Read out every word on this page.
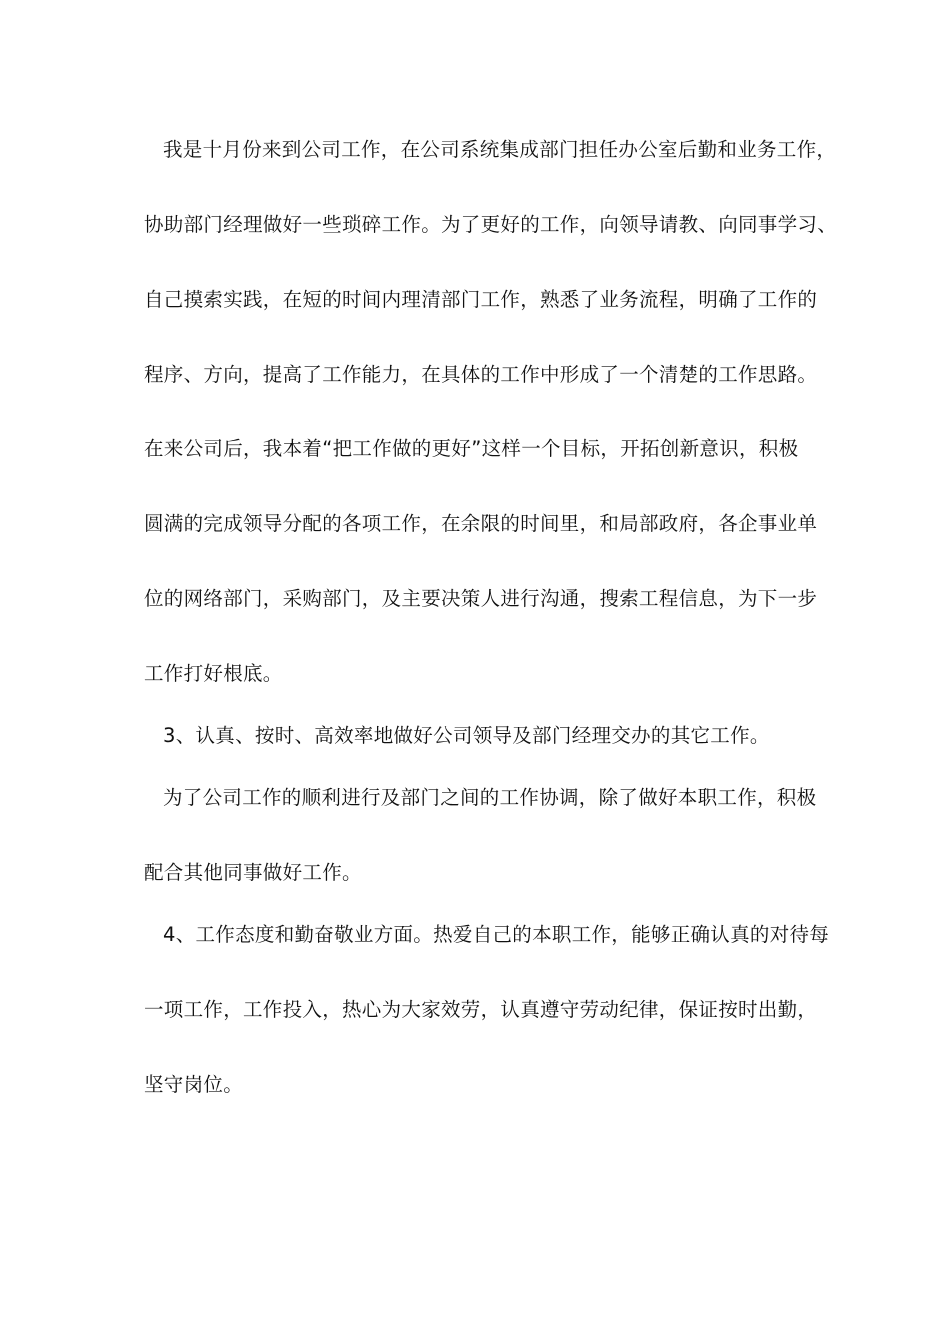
我是十月份来到公司工作，在公司系统集成部门担任办公室后勤和业务工作，
协助部门经理做好一些琐碎工作。为了更好的工作，向领导请教、向同事学习、
自己摸索实践，在短的时间内理清部门工作，熟悉了业务流程，明确了工作的
程序、方向，提高了工作能力，在具体的工作中形成了一个清楚的工作思路。
在来公司后，我本着“把工作做的更好”这样一个目标，开拓创新意识，积极
圆满的完成领导分配的各项工作，在余限的时间里，和局部政府，各企事业单
位的网络部门，采购部门，及主要决策人进行沟通，搜索工程信息，为下一步
工作打好根底。
3、认真、按时、高效率地做好公司领导及部门经理交办的其它工作。
为了公司工作的顺利进行及部门之间的工作协调，除了做好本职工作，积极
配合其他同事做好工作。
4、工作态度和勤奋敬业方面。热爱自己的本职工作，能够正确认真的对待每
一项工作，工作投入，热心为大家效劳，认真遵守劳动纪律，保证按时出勤，
坚守岗位。
